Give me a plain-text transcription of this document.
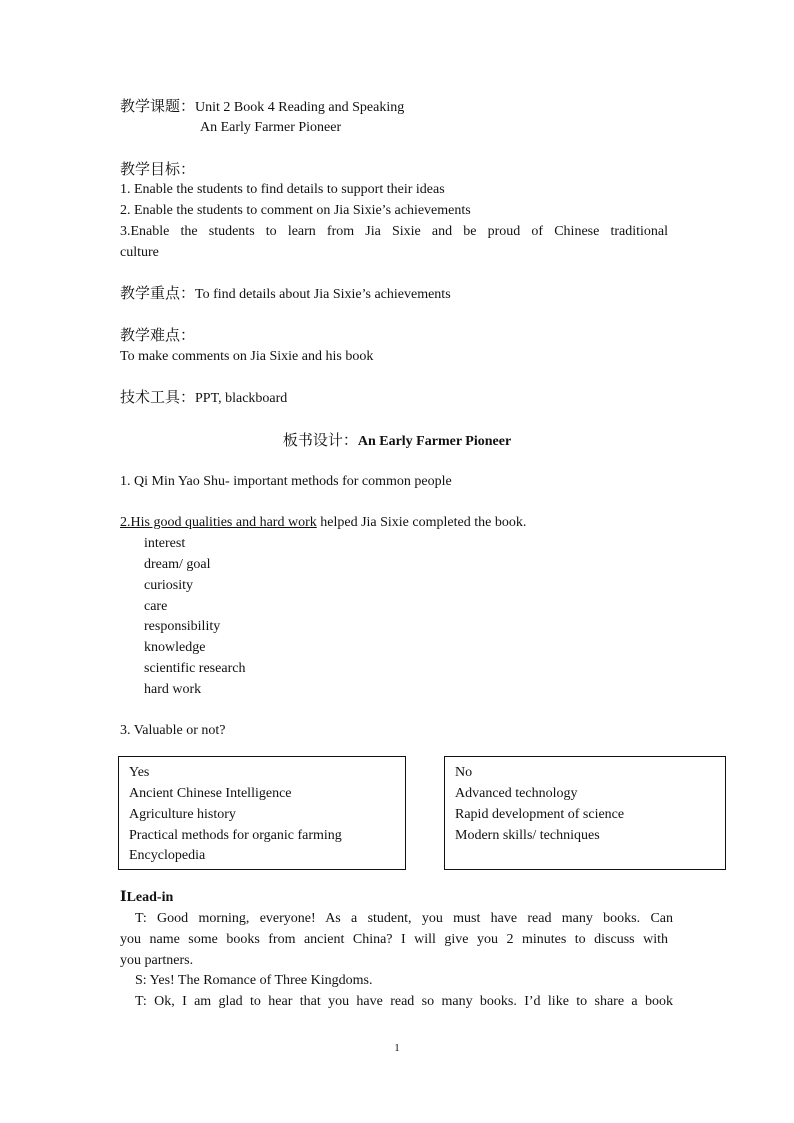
教学课题：Unit 2 Book 4 Reading and Speaking
An Early Farmer Pioneer
教学目标：
1. Enable the students to find details to support their ideas
2. Enable the students to comment on Jia Sixie’s achievements
3.Enable the students to learn from Jia Sixie and be proud of Chinese traditional
culture
教学重点：To find details about Jia Sixie’s achievements
教学难点：
To make comments on Jia Sixie and his book
技术工具：PPT, blackboard
板书设计：An Early Farmer Pioneer
1. Qi Min Yao Shu- important methods for common people
2.His good qualities and hard work helped Jia Sixie completed the book.
interest
dream/ goal
curiosity
care
responsibility
knowledge
scientific research
hard work
3. Valuable or not?
Yes
Ancient Chinese Intelligence
Agriculture history
Practical methods for organic farming
Encyclopedia
No
Advanced technology
Rapid development of science
Modern skills/ techniques
ⅠLead-in
T: Good morning, everyone! As a student, you must have read many books. Can
you name some books from ancient China? I will give you 2 minutes to discuss with
you partners.
S: Yes! The Romance of Three Kingdoms.
T: Ok, I am glad to hear that you have read so many books. I’d like to share a book
1
